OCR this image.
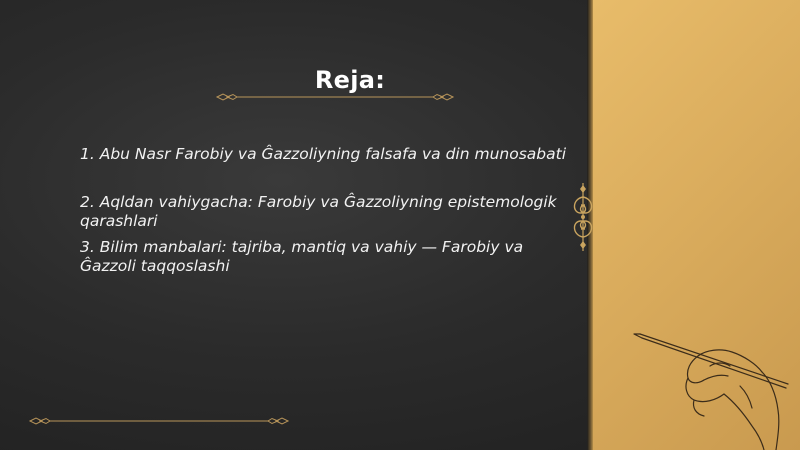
Reja:

1. Abu Nasr Farobiy va Ĝazzoliyning falsafa va din munosabati

2. Aqldan vahiygacha: Farobiy va Ĝazzoliyning epistemologik qarashlari

3. Bilim manbalari: tajriba, mantiq va vahiy — Farobiy va Ĝazzoli taqqoslashi
